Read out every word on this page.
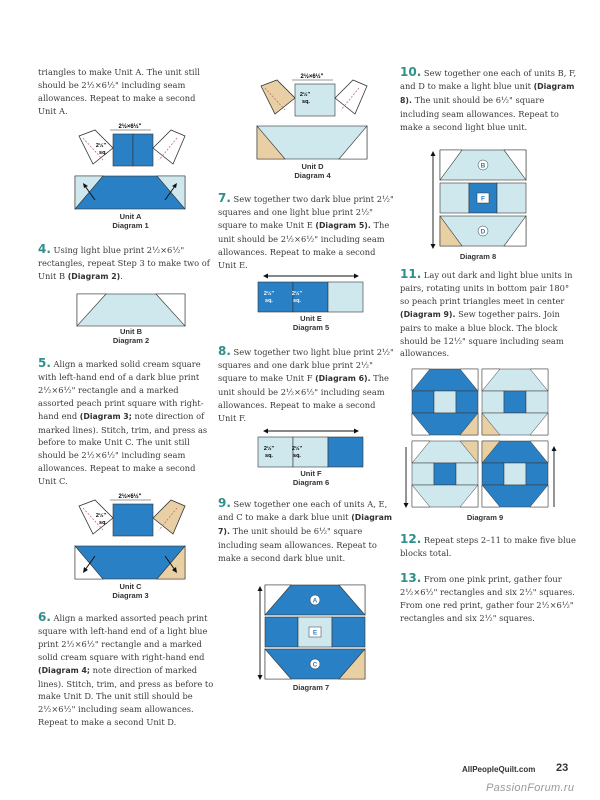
triangles to make Unit A. The unit still should be 2½×6½" including seam allowances. Repeat to make a second Unit A.

2½×6½"
2½"
sq.
Unit A
Diagram 1

4. Using light blue print 2½×6½" rectangles, repeat Step 3 to make two of Unit B (Diagram 2).

Unit B
Diagram 2

5. Align a marked solid cream square with left-hand end of a dark blue print 2½×6½" rectangle and a marked assorted peach print square with right-hand end (Diagram 3; note direction of marked lines). Stitch, trim, and press as before to make Unit C. The unit still should be 2½×6½" including seam allowances. Repeat to make a second Unit C.

2½×6½"
2½"
sq.
Unit C
Diagram 3

6. Align a marked assorted peach print square with left-hand end of a light blue print 2½×6½" rectangle and a marked solid cream square with right-hand end (Diagram 4; note direction of marked lines). Stitch, trim, and press as before to make Unit D. The unit still should be 2½×6½" including seam allowances. Repeat to make a second Unit D.

2½×6½"
2½"
sq.
Unit D
Diagram 4

7. Sew together two dark blue print 2½" squares and one light blue print 2½" square to make Unit E (Diagram 5). The unit should be 2½×6½" including seam allowances. Repeat to make a second Unit E.

2½"
sq.
2½"
sq.
Unit E
Diagram 5

8. Sew together two light blue print 2½" squares and one dark blue print 2½" square to make Unit F (Diagram 6). The unit should be 2½×6½" including seam allowances. Repeat to make a second Unit F.

2½"
sq.
2½"
sq.
Unit F
Diagram 6

9. Sew together one each of units A, E, and C to make a dark blue unit (Diagram 7). The unit should be 6½" square including seam allowances. Repeat to make a second dark blue unit.

A
E
C
Diagram 7

10. Sew together one each of units B, F, and D to make a light blue unit (Diagram 8). The unit should be 6½" square including seam allowances. Repeat to make a second light blue unit.

B
F
D
Diagram 8

11. Lay out dark and light blue units in pairs, rotating units in bottom pair 180° so peach print triangles meet in center (Diagram 9). Sew together pairs. Join pairs to make a blue block. The block should be 12½" square including seam allowances.

Diagram 9

12. Repeat steps 2–11 to make five blue blocks total.

13. From one pink print, gather four 2½×6½" rectangles and six 2½" squares. From one red print, gather four 2½×6½" rectangles and six 2½" squares.

AllPeopleQuilt.com 23
PassionForum.ru
